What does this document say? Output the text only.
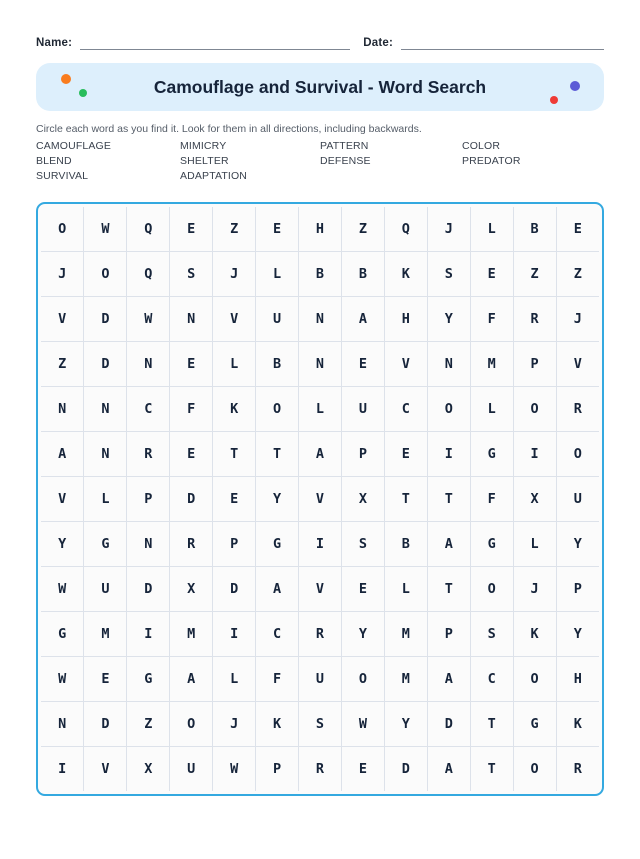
Name:	Date:
Camouflage and Survival - Word Search
Circle each word as you find it. Look for them in all directions, including backwards.
CAMOUFLAGE	MIMICRY	PATTERN	COLOR
BLEND	SHELTER	DEFENSE	PREDATOR
SURVIVAL	ADAPTATION
O	W	Q	E	Z	E	H	Z	Q	J	L	B	E
J	O	Q	S	J	L	B	B	K	S	E	Z	Z
V	D	W	N	V	U	N	A	H	Y	F	R	J
Z	D	N	E	L	B	N	E	V	N	M	P	V
N	N	C	F	K	O	L	U	C	O	L	O	R
A	N	R	E	T	T	A	P	E	I	G	I	O
V	L	P	D	E	Y	V	X	T	T	F	X	U
Y	G	N	R	P	G	I	S	B	A	G	L	Y
W	U	D	X	D	A	V	E	L	T	O	J	P
G	M	I	M	I	C	R	Y	M	P	S	K	Y
W	E	G	A	L	F	U	O	M	A	C	O	H
N	D	Z	O	J	K	S	W	Y	D	T	G	K
I	V	X	U	W	P	R	E	D	A	T	O	R
